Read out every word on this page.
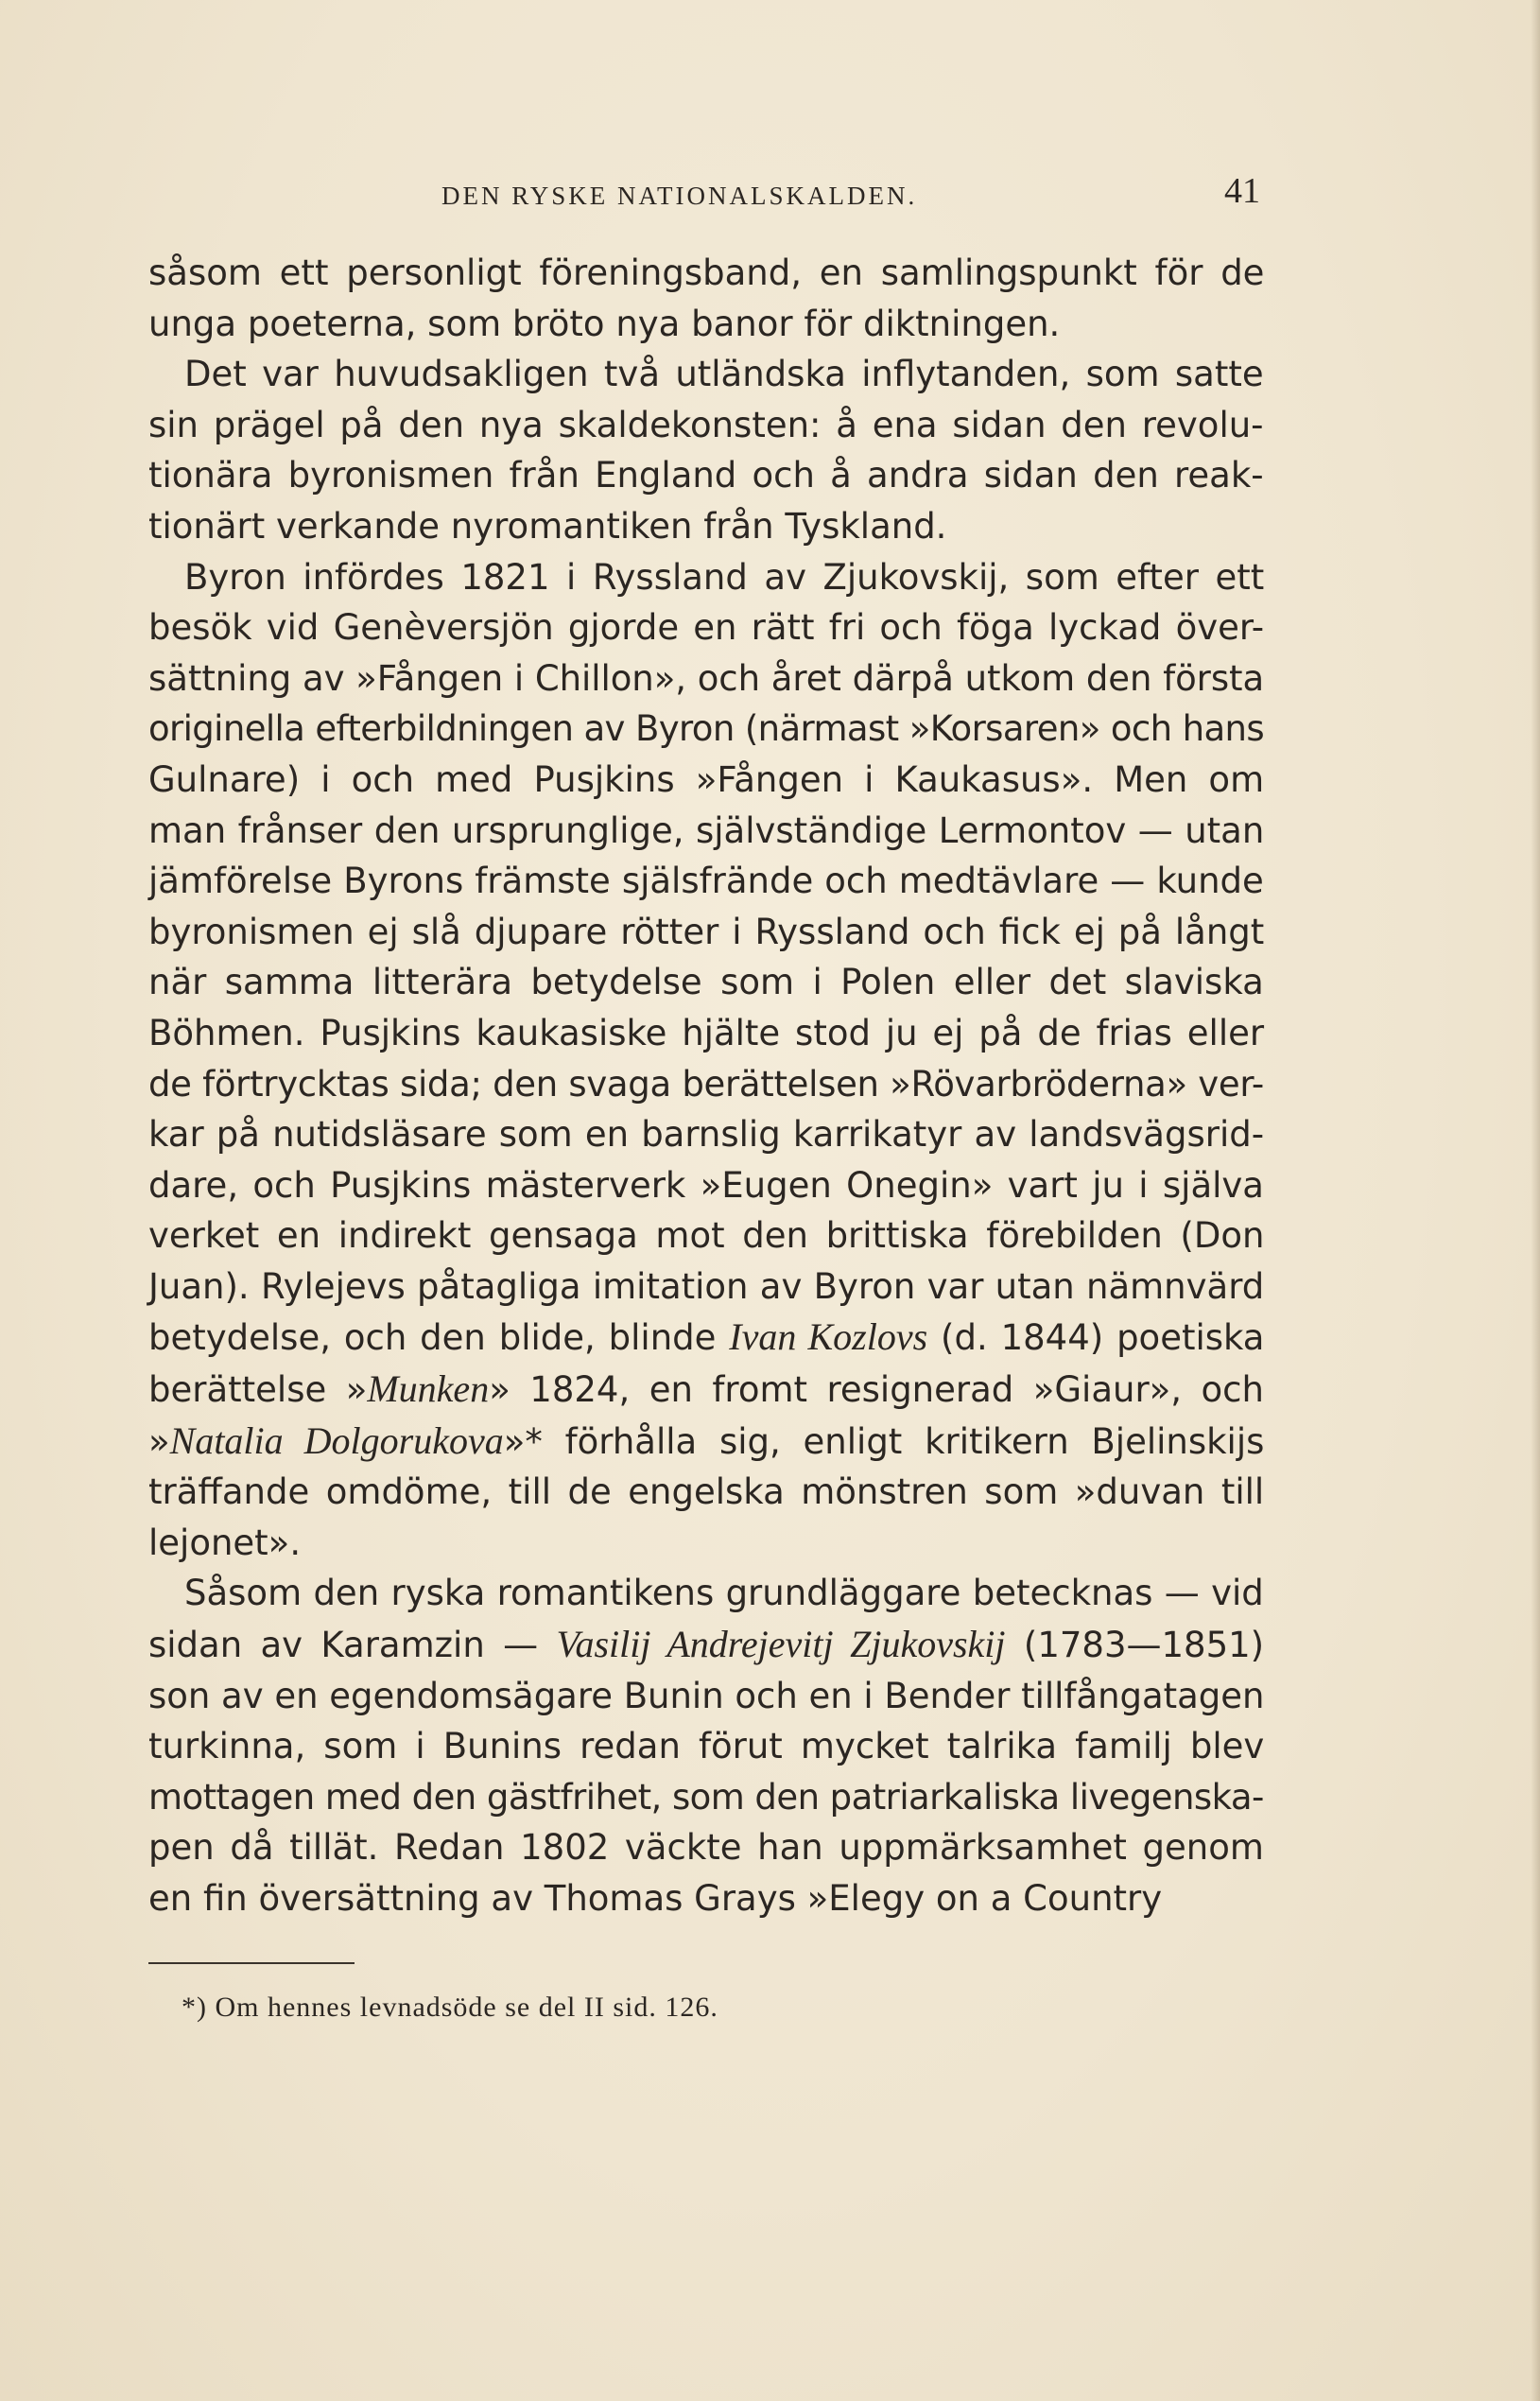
DEN RYSKE NATIONALSKALDEN.	41
såsom ett personligt föreningsband, en samlingspunkt för de
unga poeterna, som bröto nya banor för diktningen.
Det var huvudsakligen två utländska inflytanden, som satte
sin prägel på den nya skaldekonsten: å ena sidan den revolu-
tionära byronismen från England och å andra sidan den reak-
tionärt verkande nyromantiken från Tyskland.
Byron infördes 1821 i Ryssland av Zjukovskij, som efter ett
besök vid Genèversjön gjorde en rätt fri och föga lyckad över-
sättning av »Fången i Chillon», och året därpå utkom den första
originella efterbildningen av Byron (närmast »Korsaren» och hans
Gulnare) i och med Pusjkins »Fången i Kaukasus». Men om
man frånser den ursprunglige, självständige Lermontov — utan
jämförelse Byrons främste själsfrände och medtävlare — kunde
byronismen ej slå djupare rötter i Ryssland och fick ej på långt
när samma litterära betydelse som i Polen eller det slaviska
Böhmen. Pusjkins kaukasiske hjälte stod ju ej på de frias eller
de förtrycktas sida; den svaga berättelsen »Rövarbröderna» ver-
kar på nutidsläsare som en barnslig karrikatyr av landsvägsrid-
dare, och Pusjkins mästerverk »Eugen Onegin» vart ju i själva
verket en indirekt gensaga mot den brittiska förebilden (Don
Juan). Rylejevs påtagliga imitation av Byron var utan nämnvärd
betydelse, och den blide, blinde Ivan Kozlovs (d. 1844) poetiska
berättelse »Munken» 1824, en fromt resignerad »Giaur», och
»Natalia Dolgorukova»* förhålla sig, enligt kritikern Bjelinskijs
träffande omdöme, till de engelska mönstren som »duvan till
lejonet».
Såsom den ryska romantikens grundläggare betecknas — vid
sidan av Karamzin — Vasilij Andrejevitj Zjukovskij (1783—1851)
son av en egendomsägare Bunin och en i Bender tillfångatagen
turkinna, som i Bunins redan förut mycket talrika familj blev
mottagen med den gästfrihet, som den patriarkaliska livegenska-
pen då tillät. Redan 1802 väckte han uppmärksamhet genom
en fin översättning av Thomas Grays »Elegy on a Country
*) Om hennes levnadsöde se del II sid. 126.
